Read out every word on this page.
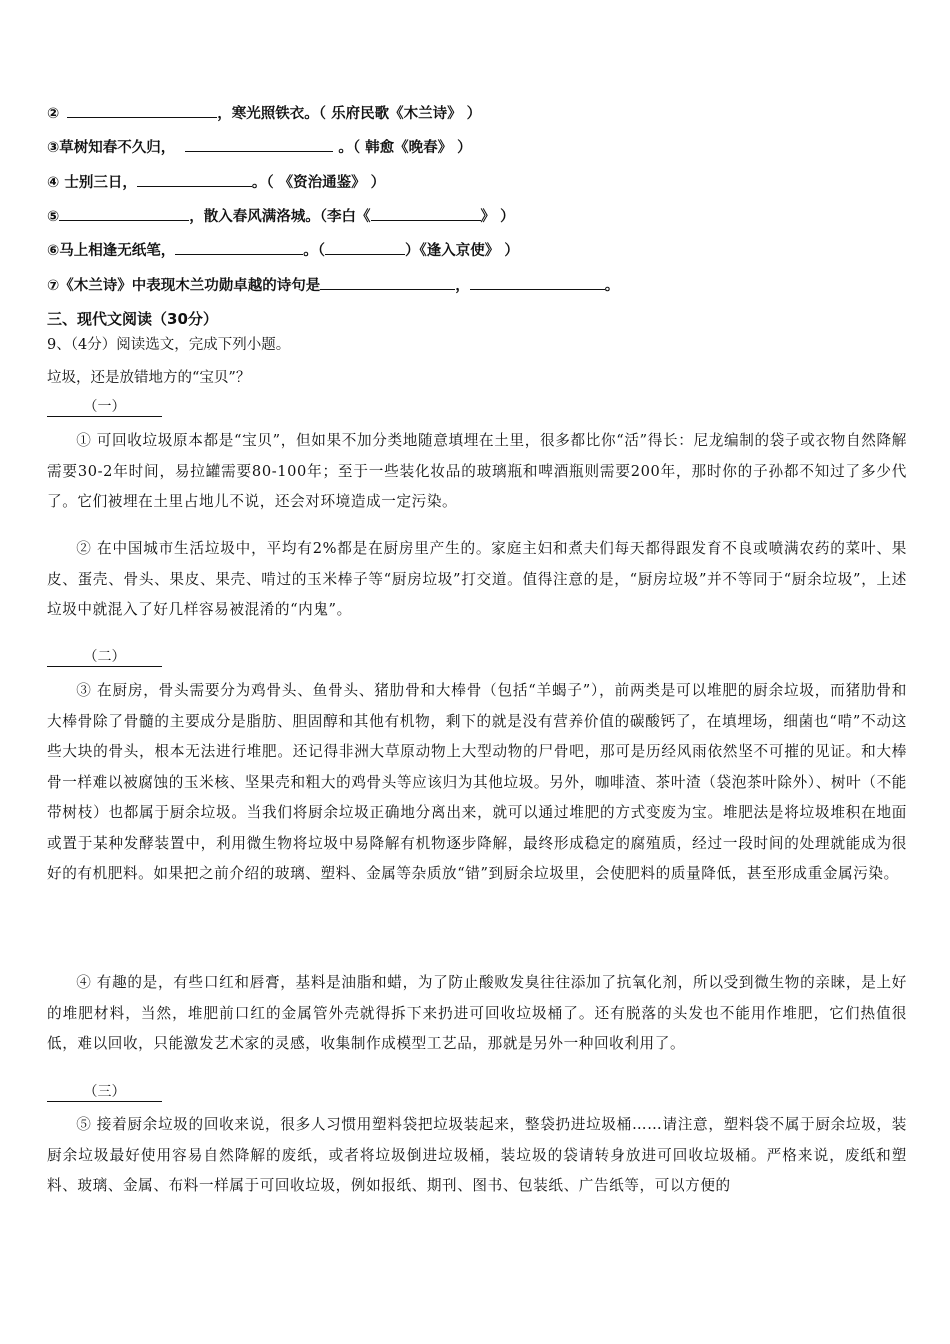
②	，寒光照铁衣。（ 乐府民歌《木兰诗》 ）
③草树知春不久归，	。（ 韩愈《晚春》 ）
④ 士别三日，	。（ 《资治通鉴》 ）
⑤	，散入春风满洛城。（李白《	》 ）
⑥马上相逢无纸笔，	。（	）《逢入京使》 ）
⑦《木兰诗》中表现木兰功勋卓越的诗句是	，	。
三、现代文阅读（30分）
9、（4分）阅读选文，完成下列小题。
垃圾，还是放错地方的“宝贝”？
（一）
① 可回收垃圾原本都是“宝贝”，但如果不加分类地随意填埋在土里，很多都比你“活”得长：尼龙编制的袋子或衣物自然降解需要30-2年时间，易拉罐需要80-100年；至于一些装化妆品的玻璃瓶和啤酒瓶则需要200年，那时你的子孙都不知过了多少代了。它们被埋在土里占地儿不说，还会对环境造成一定污染。
② 在中国城市生活垃圾中，平均有2%都是在厨房里产生的。家庭主妇和煮夫们每天都得跟发育不良或喷满农药的菜叶、果皮、蛋壳、骨头、果皮、果壳、啃过的玉米棒子等“厨房垃圾”打交道。值得注意的是，“厨房垃圾”并不等同于“厨余垃圾”，上述垃圾中就混入了好几样容易被混淆的“内鬼”。
（二）
③ 在厨房，骨头需要分为鸡骨头、鱼骨头、猪肋骨和大棒骨（包括“羊蝎子”），前两类是可以堆肥的厨余垃圾，而猪肋骨和大棒骨除了骨髓的主要成分是脂肪、胆固醇和其他有机物，剩下的就是没有营养价值的碳酸钙了，在填埋场，细菌也“啃”不动这些大块的骨头，根本无法进行堆肥。还记得非洲大草原动物上大型动物的尸骨吧，那可是历经风雨依然坚不可摧的见证。和大棒骨一样难以被腐蚀的玉米核、坚果壳和粗大的鸡骨头等应该归为其他垃圾。另外，咖啡渣、茶叶渣（袋泡茶叶除外）、树叶（不能带树枝）也都属于厨余垃圾。当我们将厨余垃圾正确地分离出来，就可以通过堆肥的方式变废为宝。堆肥法是将垃圾堆积在地面或置于某种发酵装置中，利用微生物将垃圾中易降解有机物逐步降解，最终形成稳定的腐殖质，经过一段时间的处理就能成为很好的有机肥料。如果把之前介绍的玻璃、塑料、金属等杂质放“错”到厨余垃圾里，会使肥料的质量降低，甚至形成重金属污染。
④ 有趣的是，有些口红和唇膏，基料是油脂和蜡，为了防止酸败发臭往往添加了抗氧化剂，所以受到微生物的亲睐，是上好的堆肥材料，当然，堆肥前口红的金属管外壳就得拆下来扔进可回收垃圾桶了。还有脱落的头发也不能用作堆肥，它们热值很低，难以回收，只能激发艺术家的灵感，收集制作成模型工艺品，那就是另外一种回收利用了。
（三）
⑤ 接着厨余垃圾的回收来说，很多人习惯用塑料袋把垃圾装起来，整袋扔进垃圾桶……请注意，塑料袋不属于厨余垃圾，装厨余垃圾最好使用容易自然降解的废纸，或者将垃圾倒进垃圾桶，装垃圾的袋请转身放进可回收垃圾桶。严格来说，废纸和塑料、玻璃、金属、布料一样属于可回收垃圾，例如报纸、期刊、图书、包装纸、广告纸等，可以方便的
